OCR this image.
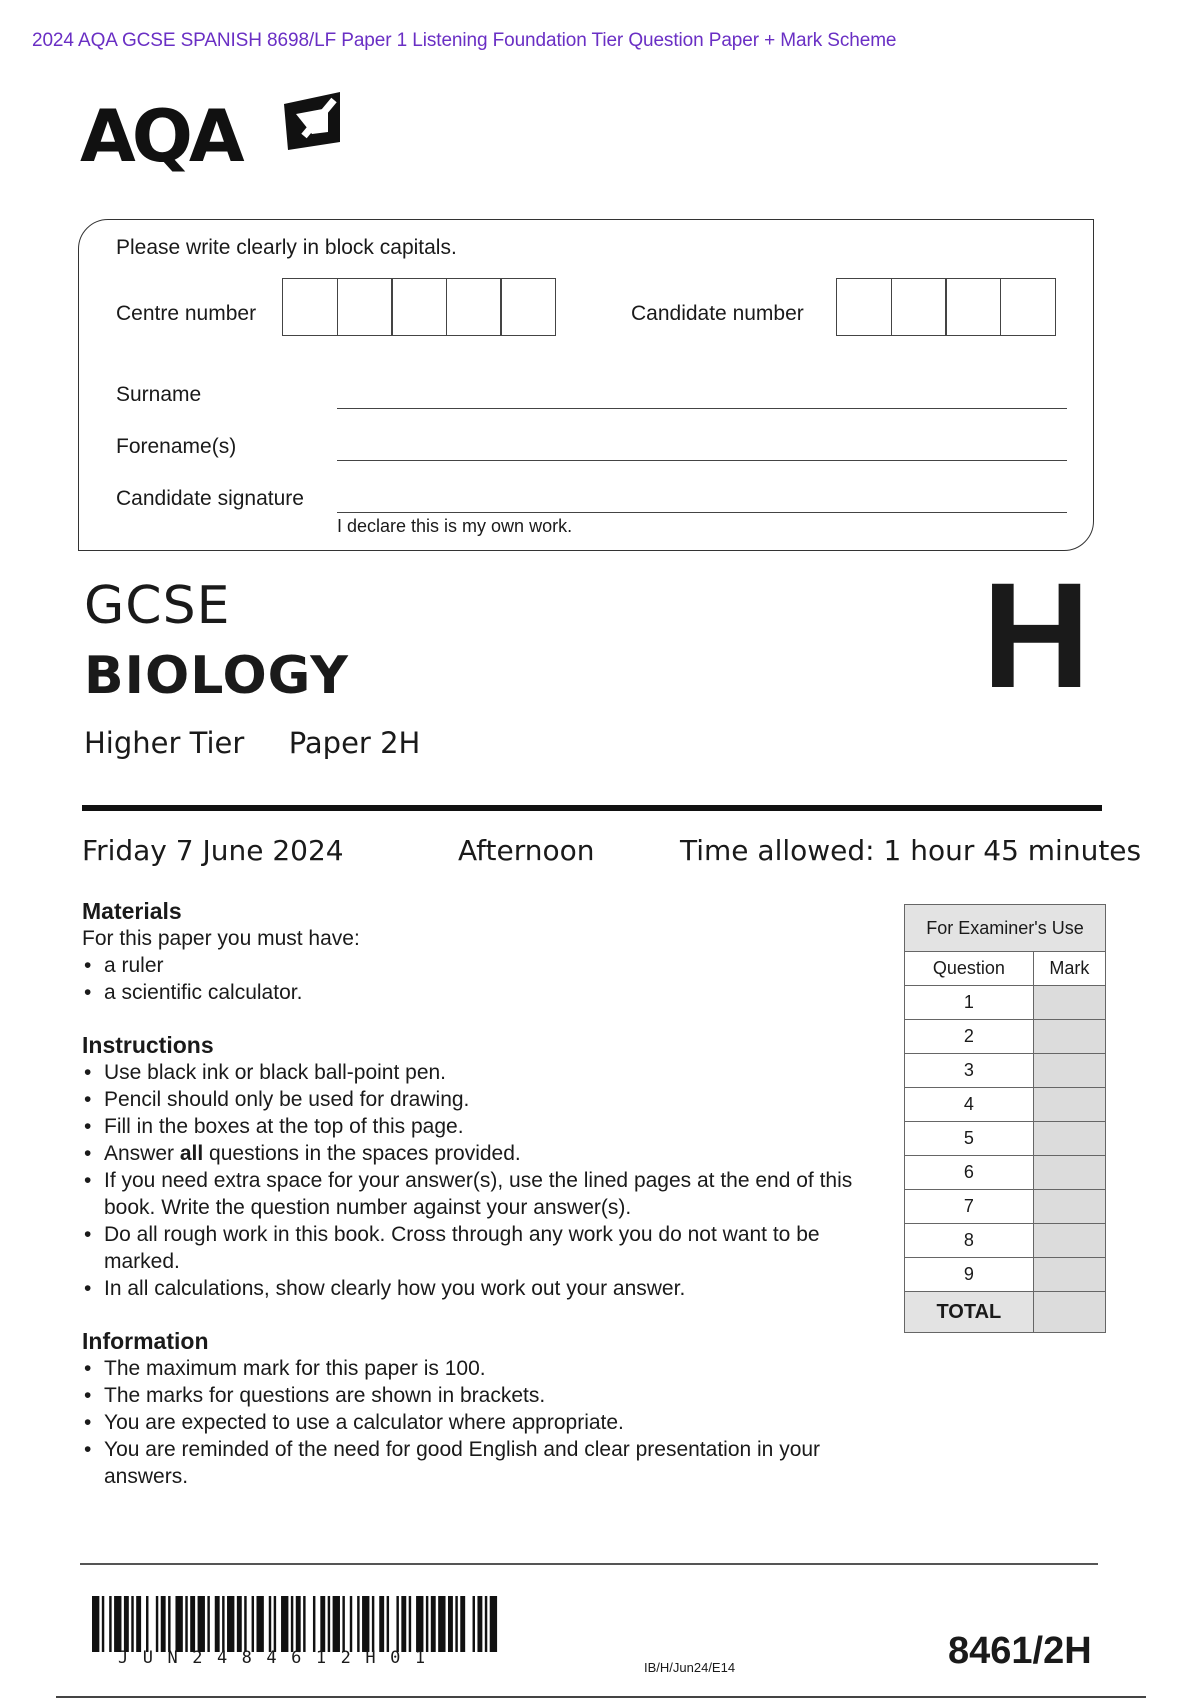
2024 AQA GCSE SPANISH 8698/LF Paper 1 Listening Foundation Tier Question Paper + Mark Scheme
AQA
Please write clearly in block capitals.
Centre number	Candidate number
Surname
Forename(s)
Candidate signature
I declare this is my own work.
GCSE
BIOLOGY
Higher Tier Paper 2H
H
Friday 7 June 2024	Afternoon	Time allowed: 1 hour 45 minutes
Materials
For this paper you must have:
• a ruler
• a scientific calculator.
Instructions
• Use black ink or black ball-point pen.
• Pencil should only be used for drawing.
• Fill in the boxes at the top of this page.
• Answer all questions in the spaces provided.
• If you need extra space for your answer(s), use the lined pages at the end of this book. Write the question number against your answer(s).
• Do all rough work in this book. Cross through any work you do not want to be marked.
• In all calculations, show clearly how you work out your answer.
Information
• The maximum mark for this paper is 100.
• The marks for questions are shown in brackets.
• You are expected to use a calculator where appropriate.
• You are reminded of the need for good English and clear presentation in your answers.
For Examiner's Use	
Question	Mark
1	
2	
3	
4	
5	
6	
7	
8	
9	
TOTAL	
JUN2484612H01	IB/H/Jun24/E14	8461/2H
